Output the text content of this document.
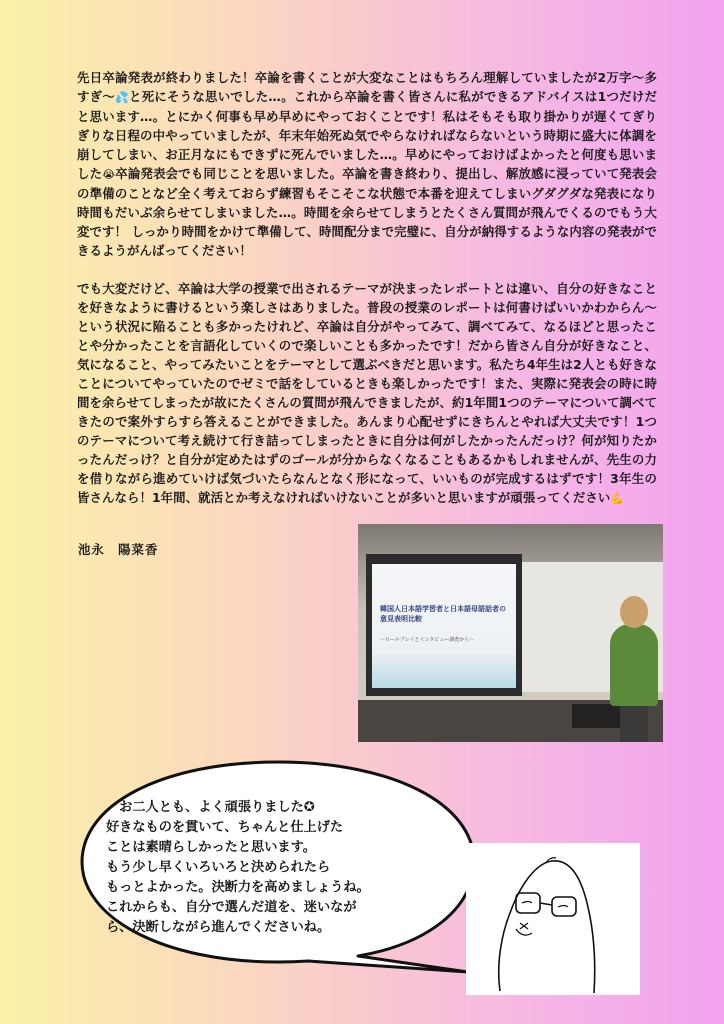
先日卒論発表が終わりました！卒論を書くことが大変なことはもちろん理解していましたが2万字〜多すぎ〜💦と死にそうな思いでした…。これから卒論を書く皆さんに私ができるアドバイスは1つだけだと思います…。とにかく何事も早め早めにやっておくことです！私はそもそも取り掛かりが遅くてぎりぎりな日程の中やっていましたが、年末年始死ぬ気でやらなければならないという時期に盛大に体調を崩してしまい、お正月なにもできずに死んでいました…。早めにやっておけばよかったと何度も思いました😭卒論発表会でも同じことを思いました。卒論を書き終わり、提出し、解放感に浸っていて発表会の準備のことなど全く考えておらず練習もそこそこな状態で本番を迎えてしまいグダグダな発表になり時間もだいぶ余らせてしまいました…。時間を余らせてしまうとたくさん質問が飛んでくるのでもう大変です！ しっかり時間をかけて準備して、時間配分まで完璧に、自分が納得するような内容の発表ができるようがんばってください！

でも大変だけど、卒論は大学の授業で出されるテーマが決まったレポートとは違い、自分の好きなことを好きなように書けるという楽しさはありました。普段の授業のレポートは何書けばいいかわからん〜という状況に陥ることも多かったけれど、卒論は自分がやってみて、調べてみて、なるほどと思ったことや分かったことを言語化していくので楽しいことも多かったです！だから皆さん自分が好きなこと、気になること、やってみたいことをテーマとして選ぶべきだと思います。私たち4年生は2人とも好きなことについてやっていたのでゼミで話をしているときも楽しかったです！また、実際に発表会の時に時間を余らせてしまったが故にたくさんの質問が飛んできましたが、約1年間1つのテーマについて調べてきたので案外すらすら答えることができました。あんまり心配せずにきちんとやれば大丈夫です！1つのテーマについて考え続けて行き詰ってしまったときに自分は何がしたかったんだっけ？何が知りたかったんだっけ？と自分が定めたはずのゴールが分からなくなることもあるかもしれませんが、先生の力を借りながら進めていけば気づいたらなんとなく形になって、いいものが完成するはずです！3年生の皆さんなら！1年間、就活とか考えなければいけないことが多いと思いますが頑張ってください💪

池永　陽菜香
韓国人日本語学習者と日本語母語話者の意見表明比較
〜ロールプレイとインタビュー調査から〜

　お二人とも、よく頑張りました✪
好きなものを貫いて、ちゃんと仕上げた
ことは素晴らしかったと思います。
もう少し早くいろいろと決められたら
もっとよかった。決断力を高めましょうね。
これからも、自分で選んだ道を、迷いなが
ら、決断しながら進んでくださいね。
